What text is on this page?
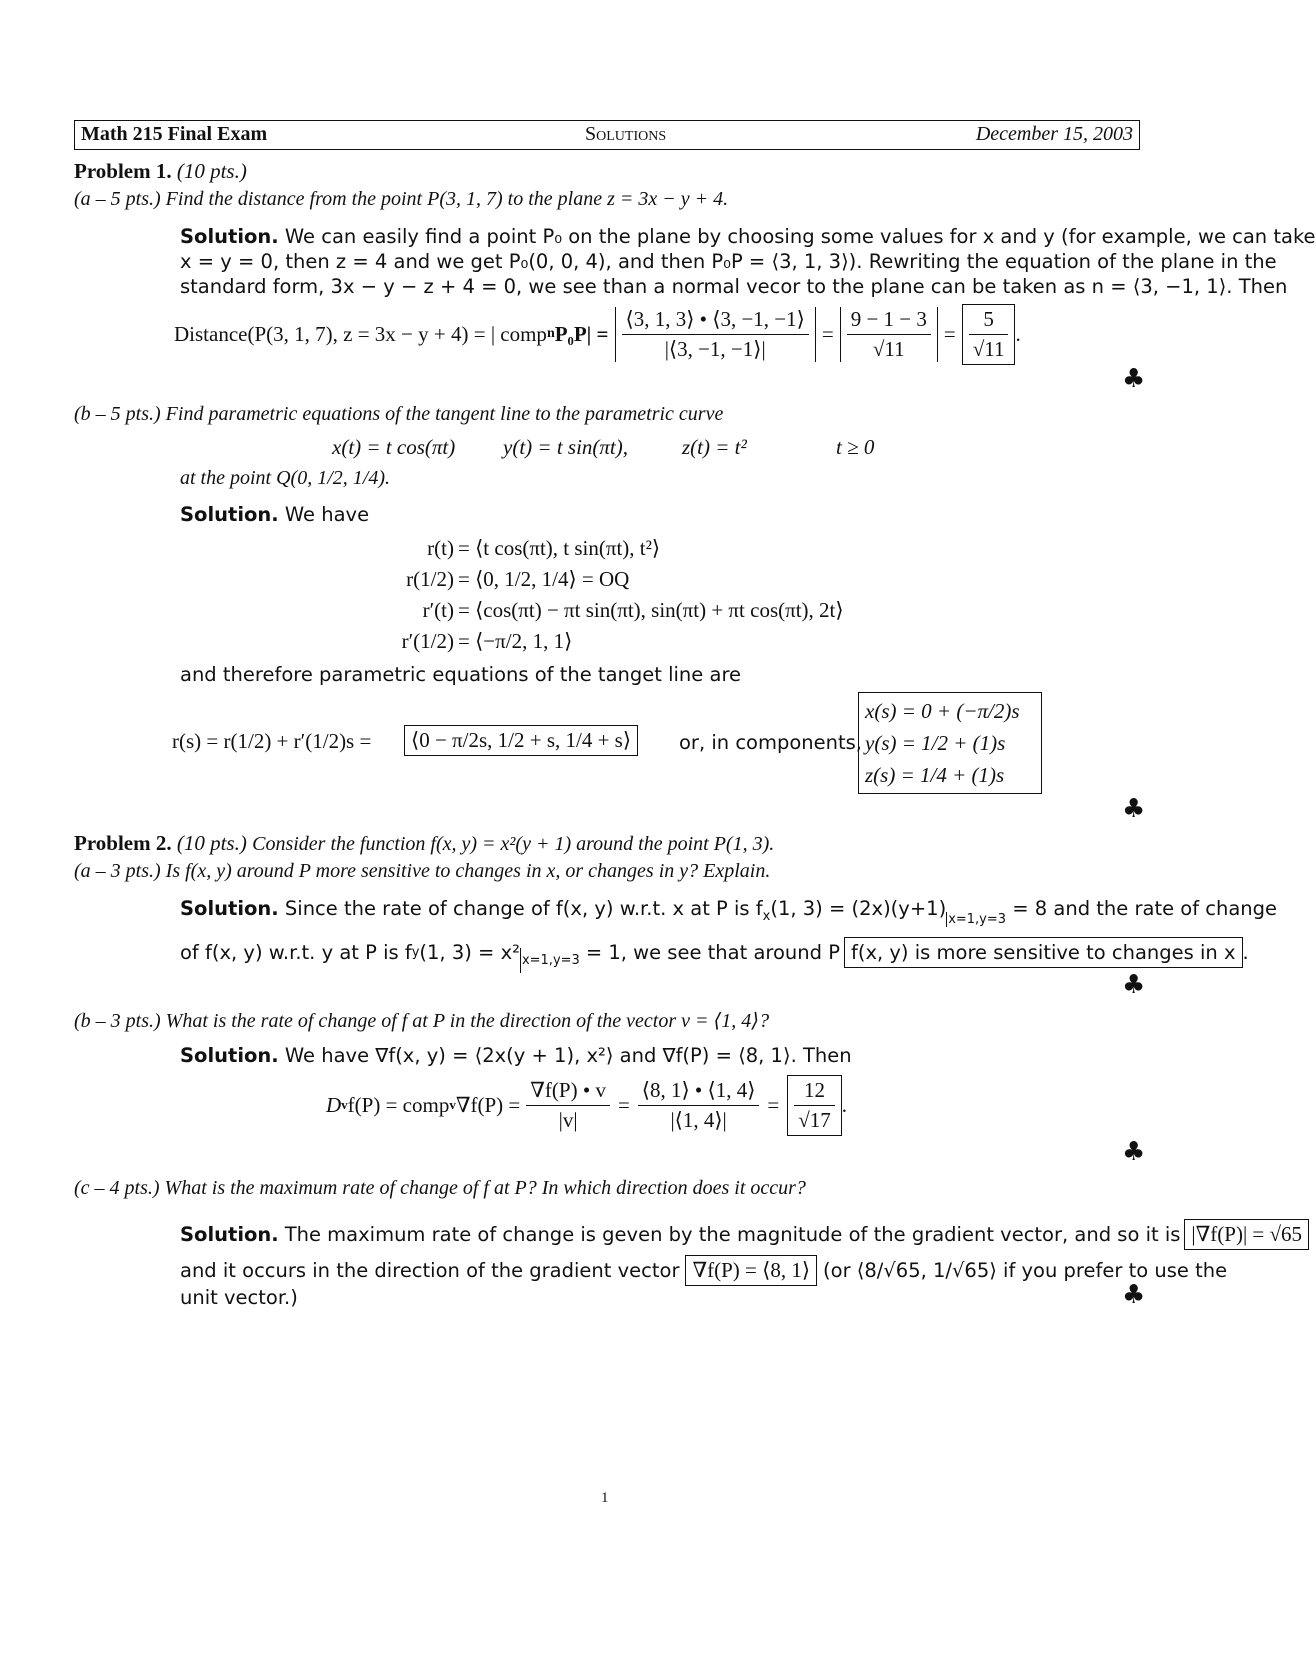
Math 215 Final Exam	Solutions	December 15, 2003
Problem 1. (10 pts.)
(a – 5 pts.) Find the distance from the point P(3, 1, 7) to the plane z = 3x − y + 4.
Solution. We can easily find a point P₀ on the plane by choosing some values for x and y (for example, we can take
x = y = 0, then z = 4 and we get P₀(0, 0, 4), and then P₀P = ⟨3, 1, 3⟩). Rewriting the equation of the plane in the
standard form, 3x − y − z + 4 = 0, we see than a normal vecor to the plane can be taken as n = ⟨3, −1, 1⟩. Then
Distance(P(3, 1, 7), z = 3x − y + 4) = | comp n $P_0P| = \frac{⟨3, 1, 3⟩ • ⟨3, -1, -1⟩}{|⟨3, -1, -1⟩|} = \frac{9 - 1 - 3}{√11} = \frac{5}{√11}$ .
♣
(b – 5 pts.) Find parametric equations of the tangent line to the parametric curve
x(t) = t cos(πt) y(t) = t sin(πt),	z(t) = t²	t ≥ 0
at the point Q(0, 1/2, 1/4).
Solution. We have
r(t) = ⟨t cos(πt), t sin(πt), t²⟩
r(1/2) = ⟨0, 1/2, 1/4⟩ = OQ
r′(t) = ⟨cos(πt) − πt sin(πt), sin(πt) + πt cos(πt), 2t⟩
r′(1/2) = ⟨−π/2, 1, 1⟩
and therefore parametric equations of the tanget line are
r(s) = r(1/2) + r′(1/2)s =	⟨0 − π/2s, 1/2 + s, 1/4 + s⟩	or, in components,
x(s) = 0 + (−π/2)s
y(s) = 1/2 + (1)s
z(s) = 1/4 + (1)s
♣
Problem 2. (10 pts.) Consider the function f(x, y) = x²(y + 1) around the point P(1, 3).
(a – 3 pts.) Is f(x, y) around P more sensitive to changes in x, or changes in y? Explain.
Solution. Since the rate of change of f(x, y) w.r.t. x at P is $f_x(1$, 3) = (2x)(y+1) $_{x=1,y=3}$ = 8 and the rate of change
of f(x, y) w.r.t. y at P is f y (1, 3) = x² x=1,y=3 = 1, we see that around P f(x, y) is more sensitive to changes in x .
♣
(b – 3 pts.) What is the rate of change of f at P in the direction of the vector v = ⟨1, 4⟩?
Solution. We have ∇f(x, y) = ⟨2x(y + 1), x²⟩ and ∇f(P) = ⟨8, 1⟩. Then
D v f(P) = comp v $\nabla f(P) = \frac{\nabla f(P) • v}{|v|} = \frac{⟨8, 1⟩ • ⟨1, 4⟩}{|⟨1, 4⟩|} = \frac{12}{√17}$ .
♣
(c – 4 pts.) What is the maximum rate of change of f at P? In which direction does it occur?
Solution. The maximum rate of change is geven by the magnitude of the gradient vector, and so it is |∇f(P)| = √65
and it occurs in the direction of the gradient vector ∇f(P) = ⟨8, 1⟩ (or ⟨8/√65, 1/√65⟩ if you prefer to use the
unit vector.)	♣
1
